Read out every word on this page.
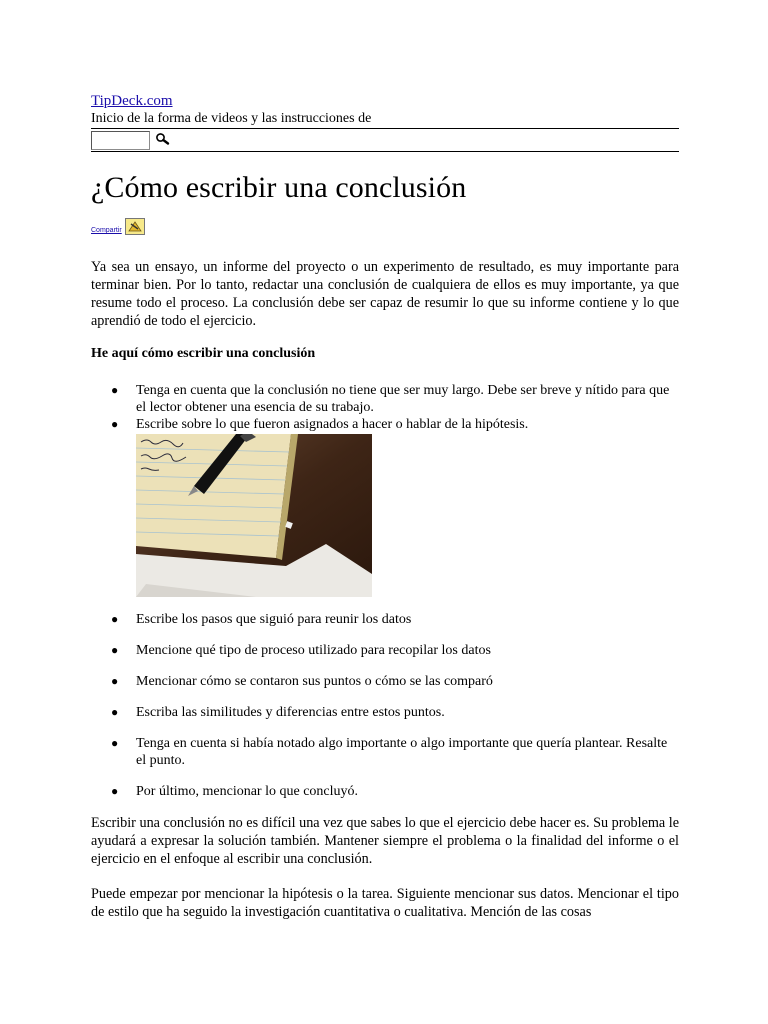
TipDeck.com
Inicio de la forma de videos y las instrucciones de
¿Cómo escribir una conclusión
Compartir

Ya sea un ensayo, un informe del proyecto o un experimento de resultado, es muy importante para terminar bien. Por lo tanto, redactar una conclusión de cualquiera de ellos es muy importante, ya que resume todo el proceso. La conclusión debe ser capaz de resumir lo que su informe contiene y lo que aprendió de todo el ejercicio.

He aquí cómo escribir una conclusión

● Tenga en cuenta que la conclusión no tiene que ser muy largo. Debe ser breve y nítido para que el lector obtener una esencia de su trabajo.
● Escribe sobre lo que fueron asignados a hacer o hablar de la hipótesis.
● Escribe los pasos que siguió para reunir los datos
● Mencione qué tipo de proceso utilizado para recopilar los datos
● Mencionar cómo se contaron sus puntos o cómo se las comparó
● Escriba las similitudes y diferencias entre estos puntos.
● Tenga en cuenta si había notado algo importante o algo importante que quería plantear. Resalte el punto.
● Por último, mencionar lo que concluyó.

Escribir una conclusión no es difícil una vez que sabes lo que el ejercicio debe hacer es. Su problema le ayudará a expresar la solución también. Mantener siempre el problema o la finalidad del informe o el ejercicio en el enfoque al escribir una conclusión.

Puede empezar por mencionar la hipótesis o la tarea. Siguiente mencionar sus datos. Mencionar el tipo de estilo que ha seguido la investigación cuantitativa o cualitativa. Mención de las cosas
